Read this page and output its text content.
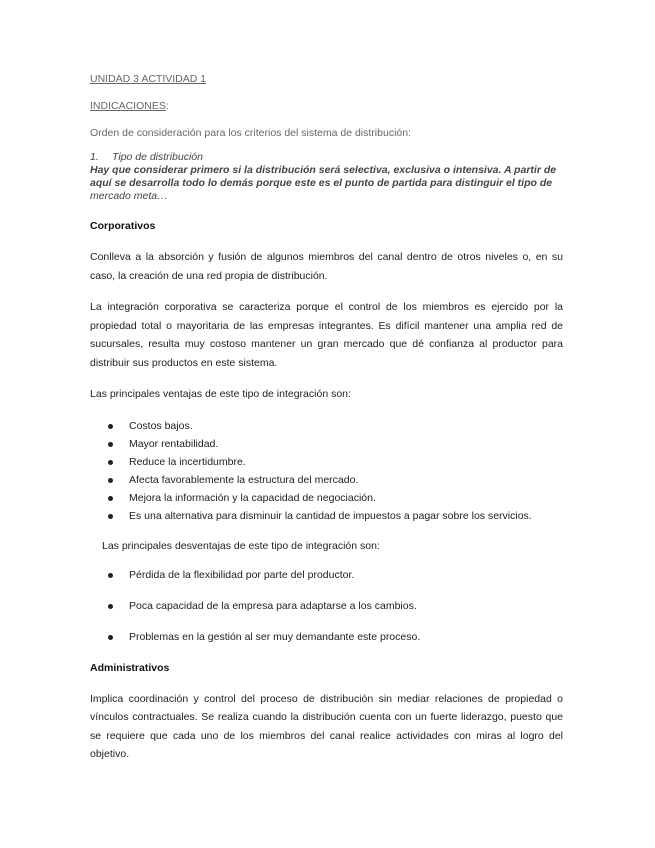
UNIDAD 3 ACTIVIDAD 1

INDICACIONES:

Orden de consideración para los criterios del sistema de distribución:

1. Tipo de distribución
Hay que considerar primero si la distribución será selectiva, exclusiva o intensiva. A partir de aquí se desarrolla todo lo demás porque este es el punto de partida para distinguir el tipo de mercado meta…

Corporativos

Conlleva a la absorción y fusión de algunos miembros del canal dentro de otros niveles o, en su caso, la creación de una red propia de distribución.

La integración corporativa se caracteriza porque el control de los miembros es ejercido por la propiedad total o mayoritaria de las empresas integrantes. Es difícil mantener una amplia red de sucursales, resulta muy costoso mantener un gran mercado que dé confianza al productor para distribuir sus productos en este sistema.

Las principales ventajas de este tipo de integración son:

Costos bajos.
Mayor rentabilidad.
Reduce la incertidumbre.
Afecta favorablemente la estructura del mercado.
Mejora la información y la capacidad de negociación.
Es una alternativa para disminuir la cantidad de impuestos a pagar sobre los servicios.

Las principales desventajas de este tipo de integración son:

Pérdida de la flexibilidad por parte del productor.
Poca capacidad de la empresa para adaptarse a los cambios.
Problemas en la gestión al ser muy demandante este proceso.

Administrativos

Implica coordinación y control del proceso de distribución sin mediar relaciones de propiedad o vínculos contractuales. Se realiza cuando la distribución cuenta con un fuerte liderazgo, puesto que se requiere que cada uno de los miembros del canal realice actividades con miras al logro del objetivo.
